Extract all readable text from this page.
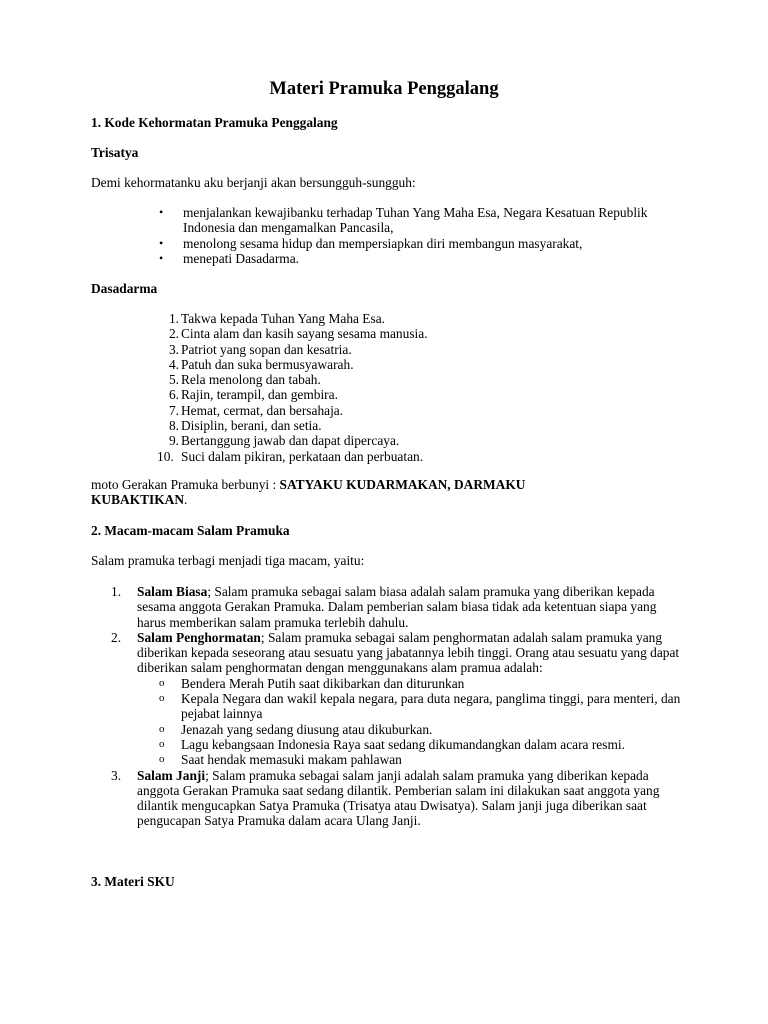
Materi Pramuka Penggalang

1. Kode Kehormatan Pramuka Penggalang

Trisatya

Demi kehormatanku aku berjanji akan bersungguh-sungguh:

• menjalankan kewajibanku terhadap Tuhan Yang Maha Esa, Negara Kesatuan Republik Indonesia dan mengamalkan Pancasila,
• menolong sesama hidup dan mempersiapkan diri membangun masyarakat,
• menepati Dasadarma.

Dasadarma

1. Takwa kepada Tuhan Yang Maha Esa.
2. Cinta alam dan kasih sayang sesama manusia.
3. Patriot yang sopan dan kesatria.
4. Patuh dan suka bermusyawarah.
5. Rela menolong dan tabah.
6. Rajin, terampil, dan gembira.
7. Hemat, cermat, dan bersahaja.
8. Disiplin, berani, dan setia.
9. Bertanggung jawab dan dapat dipercaya.
10. Suci dalam pikiran, perkataan dan perbuatan.

moto Gerakan Pramuka berbunyi : SATYAKU KUDARMAKAN, DARMAKU KUBAKTIKAN.

2. Macam-macam Salam Pramuka

Salam pramuka terbagi menjadi tiga macam, yaitu:

1.	Salam Biasa; Salam pramuka sebagai salam biasa adalah salam pramuka yang diberikan kepada sesama anggota Gerakan Pramuka. Dalam pemberian salam biasa tidak ada ketentuan siapa yang harus memberikan salam pramuka terlebih dahulu.
2.	Salam Penghormatan; Salam pramuka sebagai salam penghormatan adalah salam pramuka yang diberikan kepada seseorang atau sesuatu yang jabatannya lebih tinggi. Orang atau sesuatu yang dapat diberikan salam penghormatan dengan menggunakans alam pramua adalah:
o	Bendera Merah Putih saat dikibarkan dan diturunkan
o	Kepala Negara dan wakil kepala negara, para duta negara, panglima tinggi, para menteri, dan pejabat lainnya
o	Jenazah yang sedang diusung atau dikuburkan.
o	Lagu kebangsaan Indonesia Raya saat sedang dikumandangkan dalam acara resmi.
o	Saat hendak memasuki makam pahlawan
3.	Salam Janji; Salam pramuka sebagai salam janji adalah salam pramuka yang diberikan kepada anggota Gerakan Pramuka saat sedang dilantik. Pemberian salam ini dilakukan saat anggota yang dilantik mengucapkan Satya Pramuka (Trisatya atau Dwisatya). Salam janji juga diberikan saat pengucapan Satya Pramuka dalam acara Ulang Janji.

3. Materi SKU
